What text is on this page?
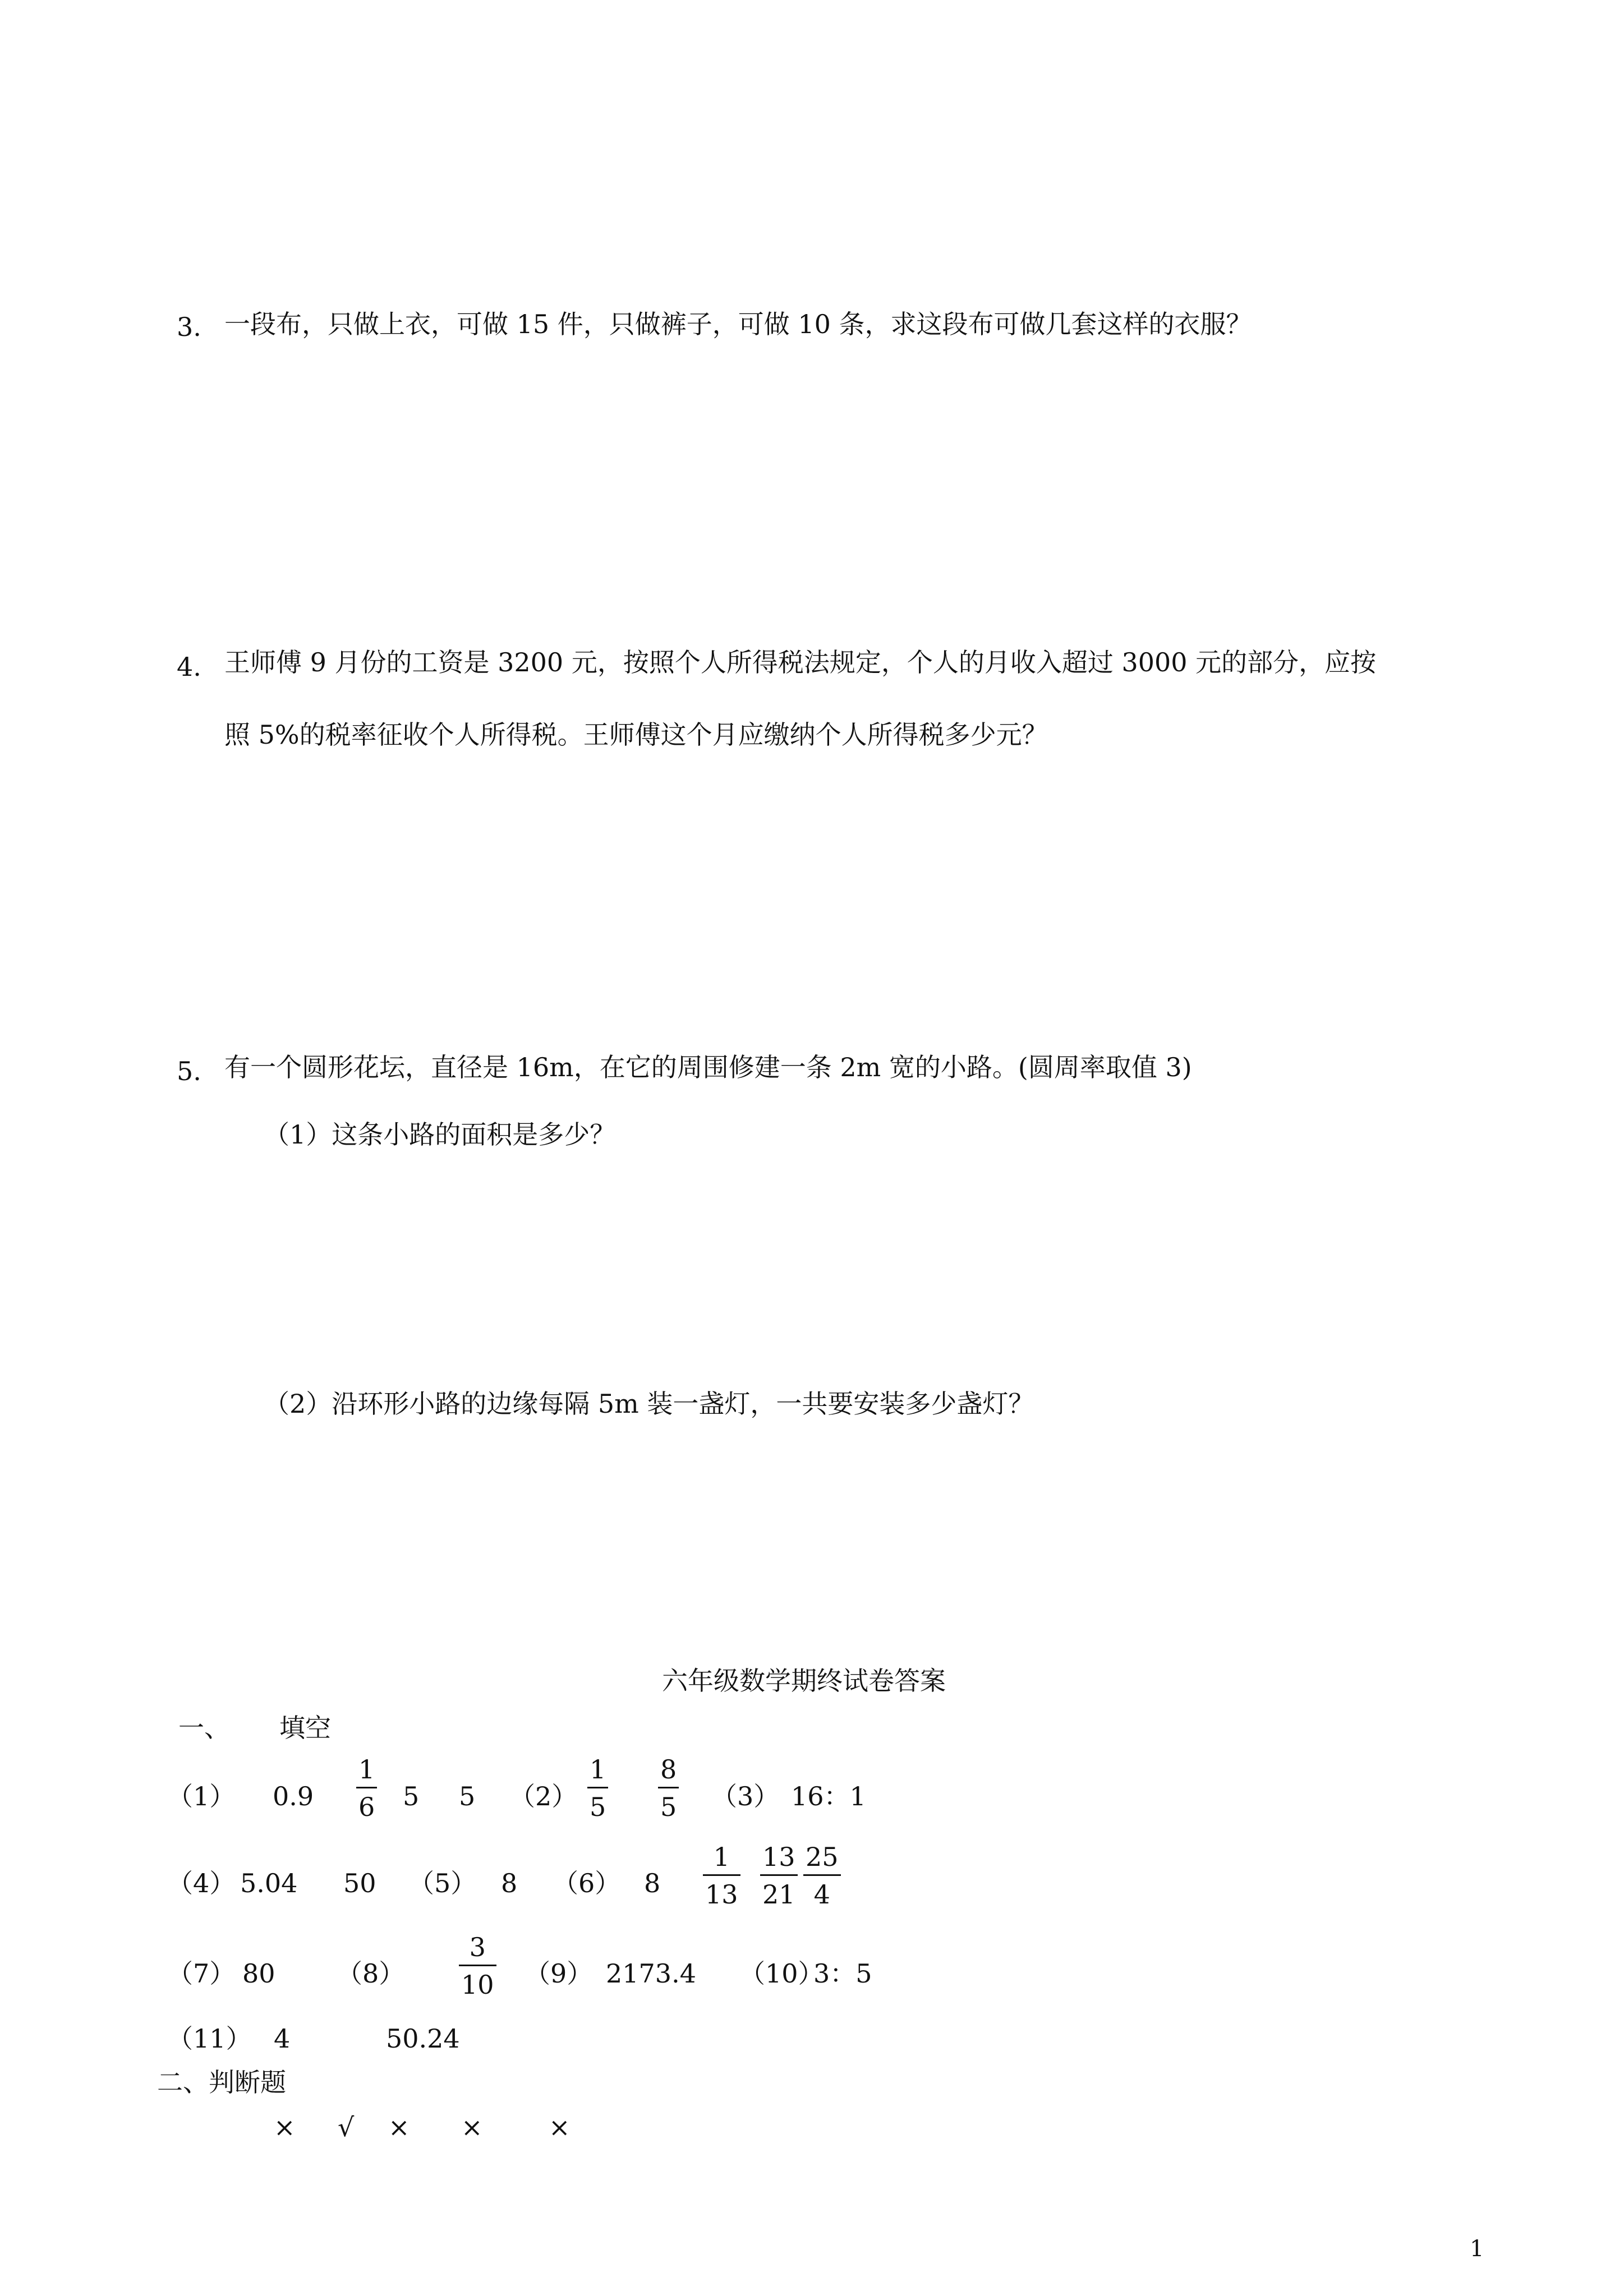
3. 一段布，只做上衣，可做 15 件，只做裤子，可做 10 条，求这段布可做几套这样的衣服？
4. 王师傅 9 月份的工资是 3200 元，按照个人所得税法规定，个人的月收入超过 3000 元的部分，应按
照 5%的税率征收个人所得税。王师傅这个月应缴纳个人所得税多少元？
5. 有一个圆形花坛，直径是 16m，在它的周围修建一条 2m 宽的小路。(圆周率取值 3)
（1）这条小路的面积是多少？
（2）沿环形小路的边缘每隔 5m 装一盏灯，一共要安装多少盏灯？
六年级数学期终试卷答案
一、 填空
（1） 0.9
1
6 5 5 （2）
1
5
8
5 （3） 16：1
（4） 5.04 50 （5） 8 （6） 8
1
13
13
21
25
4
（7） 80 （8）
3
10 （9） 2173.4 （10）
3：5
（11） 4	50.24
二、判断题
× √ × ×	×
1
